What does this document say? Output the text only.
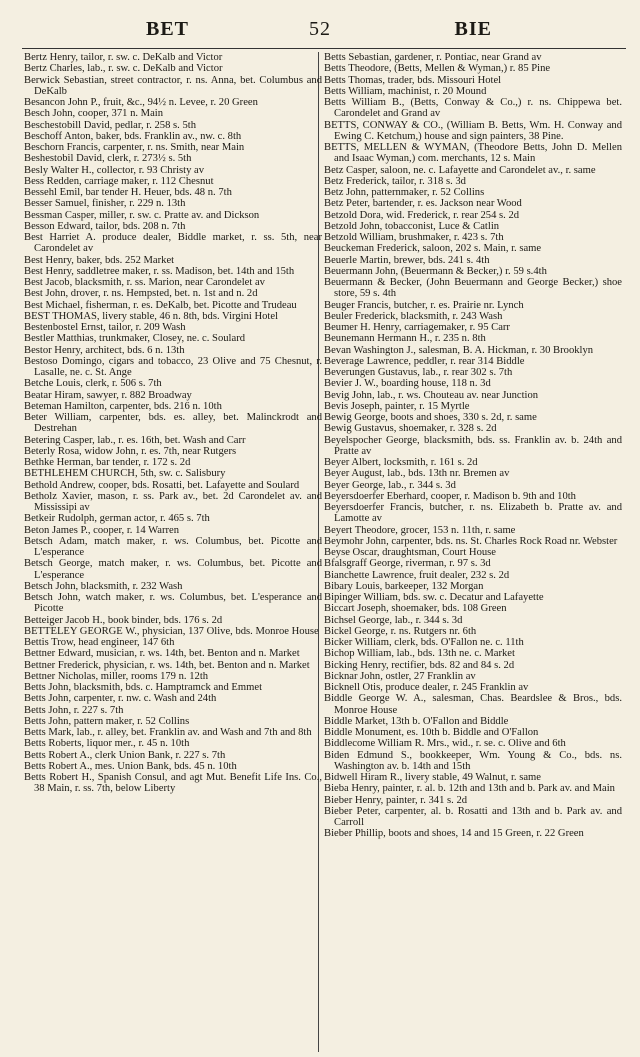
BET	52	BIE
Bertz Henry, tailor, r. sw. c. DeKalb and Victor
Bertz Charles, lab., r. sw. c. DeKalb and Victor
Berwick Sebastian, street contractor, r. ns. Anna, bet. Columbus and DeKalb
Besancon John P., fruit, &c., 94½ n. Levee, r. 20 Green
Besch John, cooper, 371 n. Main
Beschestobill David, pedlar, r. 258 s. 5th
Beschoff Anton, baker, bds. Franklin av., nw. c. 8th
Beschorn Francis, carpenter, r. ns. Smith, near Main
Beshestobil David, clerk, r. 273½ s. 5th
Besly Walter H., collector, r. 93 Christy av
Bess Redden, carriage maker, r. 112 Chesnut
Bessehl Emil, bar tender H. Heuer, bds. 48 n. 7th
Besser Samuel, finisher, r. 229 n. 13th
Bessman Casper, miller, r. sw. c. Pratte av. and Dickson
Besson Edward, tailor, bds. 208 n. 7th
Best Harriet A. produce dealer, Biddle market, r. ss. 5th, near Carondelet av
Best Henry, baker, bds. 252 Market
Best Henry, saddletree maker, r. ss. Madison, bet. 14th and 15th
Best Jacob, blacksmith, r. ss. Marion, near Carondelet av
Best John, drover, r. ns. Hempsted, bet. n. 1st and n. 2d
Best Michael, fisherman, r. es. DeKalb, bet. Picotte and Trudeau
BEST THOMAS, livery stable, 46 n. 8th, bds. Virgini Hotel
Bestenbostel Ernst, tailor, r. 209 Wash
Bestler Matthias, trunkmaker, Closey, ne. c. Soulard
Bestor Henry, architect, bds. 6 n. 13th
Bestoso Domingo, cigars and tobacco, 23 Olive and 75 Chesnut, r. Lasalle, ne. c. St. Ange
Betche Louis, clerk, r. 506 s. 7th
Beatar Hiram, sawyer, r. 882 Broadway
Beteman Hamilton, carpenter, bds. 216 n. 10th
Beter William, carpenter, bds. es. alley, bet. Malinckrodt and Destrehan
Betering Casper, lab., r. es. 16th, bet. Wash and Carr
Beterly Rosa, widow John, r. es. 7th, near Rutgers
Bethke Herman, bar tender, r. 172 s. 2d
BETHLEHEM CHURCH, 5th, sw. c. Salisbury
Bethold Andrew, cooper, bds. Rosatti, bet. Lafayette and Soulard
Betholz Xavier, mason, r. ss. Park av., bet. 2d Carondelet av. and Mississipi av
Betkeir Rudolph, german actor, r. 465 s. 7th
Beton James P., cooper, r. 14 Warren
Betsch Adam, match maker, r. ws. Columbus, bet. Picotte and L'esperance
Betsch George, match maker, r. ws. Columbus, bet. Picotte and L'esperance
Betsch John, blacksmith, r. 232 Wash
Betsch John, watch maker, r. ws. Columbus, bet. L'esperance and Picotte
Betteiger Jacob H., book binder, bds. 176 s. 2d
BETTELEY GEORGE W., physician, 137 Olive, bds. Monroe House
Bettis Trow, head engineer, 147 6th
Bettner Edward, musician, r. ws. 14th, bet. Benton and n. Market
Bettner Frederick, physician, r. ws. 14th, bet. Benton and n. Market
Bettner Nicholas, miller, rooms 179 n. 12th
Betts John, blacksmith, bds. c. Hamptramck and Emmet
Betts John, carpenter, r. nw. c. Wash and 24th
Betts John, r. 227 s. 7th
Betts John, pattern maker, r. 52 Collins
Betts Mark, lab., r. alley, bet. Franklin av. and Wash and 7th and 8th
Betts Roberts, liquor mer., r. 45 n. 10th
Betts Robert A., clerk Union Bank, r. 227 s. 7th
Betts Robert A., mes. Union Bank, bds. 45 n. 10th
Betts Robert H., Spanish Consul, and agt Mut. Benefit Life Ins. Co., 38 Main, r. ss. 7th, below Liberty
Betts Sebastian, gardener, r. Pontiac, near Grand av
Betts Theodore, (Betts, Mellen & Wyman,) r. 85 Pine
Betts Thomas, trader, bds. Missouri Hotel
Betts William, machinist, r. 20 Mound
Betts William B., (Betts, Conway & Co.,) r. ns. Chippewa bet. Carondelet and Grand av
BETTS, CONWAY & CO., (William B. Betts, Wm. H. Conway and Ewing C. Ketchum,) house and sign painters, 38 Pine.
BETTS, MELLEN & WYMAN, (Theodore Betts, John D. Mellen and Isaac Wyman,) com. merchants, 12 s. Main
Betz Casper, saloon, ne. c. Lafayette and Carondelet av., r. same
Betz Frederick, tailor, r. 318 s. 3d
Betz John, patternmaker, r. 52 Collins
Betz Peter, bartender, r. es. Jackson near Wood
Betzold Dora, wid. Frederick, r. rear 254 s. 2d
Betzold John, tobacconist, Luce & Catlin
Betzold William, brushmaker, r. 423 s. 7th
Beuckeman Frederick, saloon, 202 s. Main, r. same
Beuerle Martin, brewer, bds. 241 s. 4th
Beuermann John, (Beuermann & Becker,) r. 59 s.4th
Beuermann & Becker, (John Beuermann and George Becker,) shoe store, 59 s. 4th
Beuger Francis, butcher, r. es. Prairie nr. Lynch
Beuler Frederick, blacksmith, r. 243 Wash
Beumer H. Henry, carriagemaker, r. 95 Carr
Beunemann Hermann H., r. 235 n. 8th
Bevan Washington J., salesman, B. A. Hickman, r. 30 Brooklyn
Beverage Lawrence, peddler, r. rear 314 Biddle
Beverungen Gustavus, lab., r. rear 302 s. 7th
Bevier J. W., boarding house, 118 n. 3d
Bevig John, lab., r. ws. Chouteau av. near Junction
Bevis Joseph, painter, r. 15 Myrtle
Bewig George, boots and shoes, 330 s. 2d, r. same
Bewig Gustavus, shoemaker, r. 328 s. 2d
Beyelspocher George, blacksmith, bds. ss. Franklin av. b. 24th and Pratte av
Beyer Albert, locksmith, r. 161 s. 2d
Beyer August, lab., bds. 13th nr. Bremen av
Beyer George, lab., r. 344 s. 3d
Beyersdoerfer Eberhard, cooper, r. Madison b. 9th and 10th
Beyersdoerfer Francis, butcher, r. ns. Elizabeth b. Pratte av. and Lamotte av
Beyert Theodore, grocer, 153 n. 11th, r. same
Beymohr John, carpenter, bds. ns. St. Charles Rock Road nr. Webster
Beyse Oscar, draughtsman, Court House
Bfalsgraff George, riverman, r. 97 s. 3d
Bianchette Lawrence, fruit dealer, 232 s. 2d
Bibary Louis, barkeeper, 132 Morgan
Bipinger William, bds. sw. c. Decatur and Lafayette
Biccart Joseph, shoemaker, bds. 108 Green
Bichsel George, lab., r. 344 s. 3d
Bickel George, r. ns. Rutgers nr. 6th
Bicker William, clerk, bds. O'Fallon ne. c. 11th
Bichop William, lab., bds. 13th ne. c. Market
Bicking Henry, rectifier, bds. 82 and 84 s. 2d
Bicknar John, ostler, 27 Franklin av
Bicknell Otis, produce dealer, r. 245 Franklin av
Biddle George W. A., salesman, Chas. Beardslee & Bros., bds. Monroe House
Biddle Market, 13th b. O'Fallon and Biddle
Biddle Monument, es. 10th b. Biddle and O'Fallon
Biddlecome William R. Mrs., wid., r. se. c. Olive and 6th
Biden Edmund S., bookkeeper, Wm. Young & Co., bds. ns. Washington av. b. 14th and 15th
Bidwell Hiram R., livery stable, 49 Walnut, r. same
Bieba Henry, painter, r. al. b. 12th and 13th and b. Park av. and Main
Bieber Henry, painter, r. 341 s. 2d
Bieber Peter, carpenter, al. b. Rosatti and 13th and b. Park av. and Carroll
Bieber Phillip, boots and shoes, 14 and 15 Green, r. 22 Green
